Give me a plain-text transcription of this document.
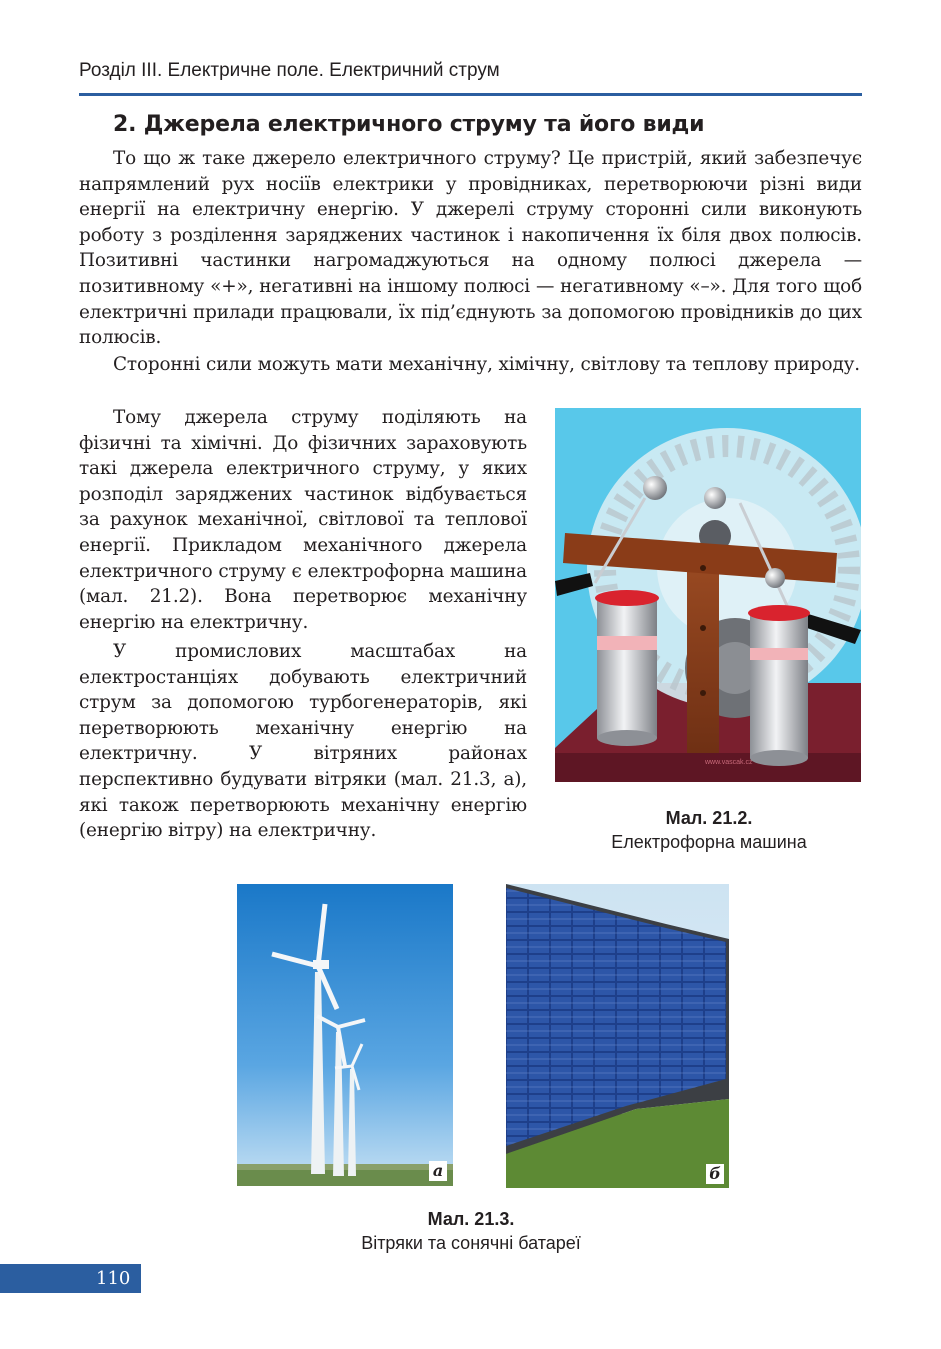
Розділ III. Електричне поле. Електричний струм
2. Джерела електричного струму та його види

То що ж таке джерело електричного струму? Це пристрій, який забезпечує напрямлений рух носіїв електрики у провідниках, перетворюючи різні види енергії на електричну енергію. У джерелі струму сторонні сили виконують роботу з розділення заряджених частинок і накопичення їх біля двох полюсів. Позитивні частинки нагромаджуються на одному полюсі джерела — позитивному «+», негативні на іншому полюсі — негативному «–». Для того щоб електричні прилади працювали, їх під’єднують за допомогою провідників до цих полюсів.

Сторонні сили можуть мати механічну, хімічну, світлову та теплову природу.

Тому джерела струму поділяють на фізичні та хімічні. До фізичних зараховують такі джерела електричного струму, у яких розподіл заряджених частинок відбувається за рахунок механічної, світлової та теплової енергії. Прикладом механічного джерела електричного струму є електрофорна машина (мал. 21.2). Вона перетворює механічну енергію на електричну.

У промислових масштабах на електростанціях добувають електричний струм за допомогою турбогенераторів, які перетворюють механічну енергію на електричну. У вітряних районах перспективно будувати вітряки (мал. 21.3, а), які також перетворюють механічну енергію (енергію вітру) на електричну.

www.vascak.cz
Мал. 21.2.
Електрофорна машина
а	б
Мал. 21.3.
Вітряки та сонячні батареї
110
